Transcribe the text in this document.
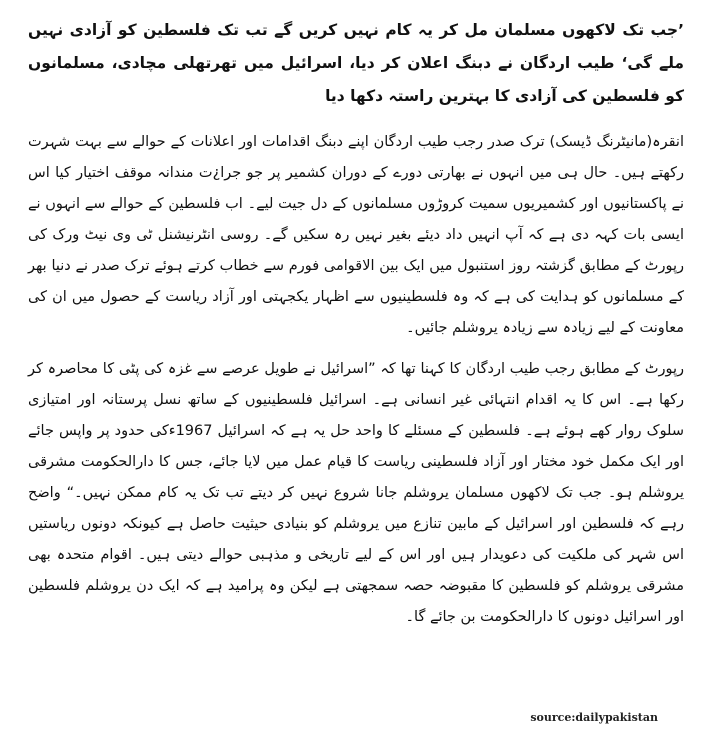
’جب تک لاکھوں مسلمان مل کر یہ کام نہیں کریں گے تب تک فلسطین کو آزادی نہیں ملے گی‘ طیب اردگان نے دبنگ اعلان کر دیا، اسرائیل میں تھرتھلی مچادی، مسلمانوں کو فلسطین کی آزادی کا بہترین راستہ دکھا دیا

انقرہ(مانیٹرنگ ڈیسک) ترک صدر رجب طیب اردگان اپنے دبنگ اقدامات اور اعلانات کے حوالے سے بہت شہرت رکھتے ہیں۔ حال ہی میں انہوں نے بھارتی دورے کے دوران کشمیر پر جو جرا¿ت مندانہ موقف اختیار کیا اس نے پاکستانیوں اور کشمیریوں سمیت کروڑوں مسلمانوں کے دل جیت لیے۔ اب فلسطین کے حوالے سے انہوں نے ایسی بات کہہ دی ہے کہ آپ انہیں داد دیئے بغیر نہیں رہ سکیں گے۔ روسی انٹرنیشنل ٹی وی نیٹ ورک کی رپورٹ کے مطابق گزشتہ روز استنبول میں ایک بین الاقوامی فورم سے خطاب کرتے ہوئے ترک صدر نے دنیا بھر کے مسلمانوں کو ہدایت کی ہے کہ وہ فلسطینیوں سے اظہار یکجہتی اور آزاد ریاست کے حصول میں ان کی معاونت کے لیے زیادہ سے زیادہ یروشلم جائیں۔

رپورٹ کے مطابق رجب طیب اردگان کا کہنا تھا کہ ”اسرائیل نے طویل عرصے سے غزہ کی پٹی کا محاصرہ کر رکھا ہے۔ اس کا یہ اقدام انتہائی غیر انسانی ہے۔ اسرائیل فلسطینیوں کے ساتھ نسل پرستانہ اور امتیازی سلوک روار کھے ہوئے ہے۔ فلسطین کے مسئلے کا واحد حل یہ ہے کہ اسرائیل 1967ءکی حدود پر واپس جائے اور ایک مکمل خود مختار اور آزاد فلسطینی ریاست کا قیام عمل میں لایا جائے، جس کا دارالحکومت مشرقی یروشلم ہو۔ جب تک لاکھوں مسلمان یروشلم جانا شروع نہیں کر دیتے تب تک یہ کام ممکن نہیں۔“ واضح رہے کہ فلسطین اور اسرائیل کے مابین تنازع میں یروشلم کو بنیادی حیثیت حاصل ہے کیونکہ دونوں ریاستیں اس شہر کی ملکیت کی دعویدار ہیں اور اس کے لیے تاریخی و مذہبی حوالے دیتی ہیں۔ اقوام متحدہ بھی مشرقی یروشلم کو فلسطین کا مقبوضہ حصہ سمجھتی ہے لیکن وہ پرامید ہے کہ ایک دن یروشلم فلسطین اور اسرائیل دونوں کا دارالحکومت بن جائے گا۔

source:dailypakistan
